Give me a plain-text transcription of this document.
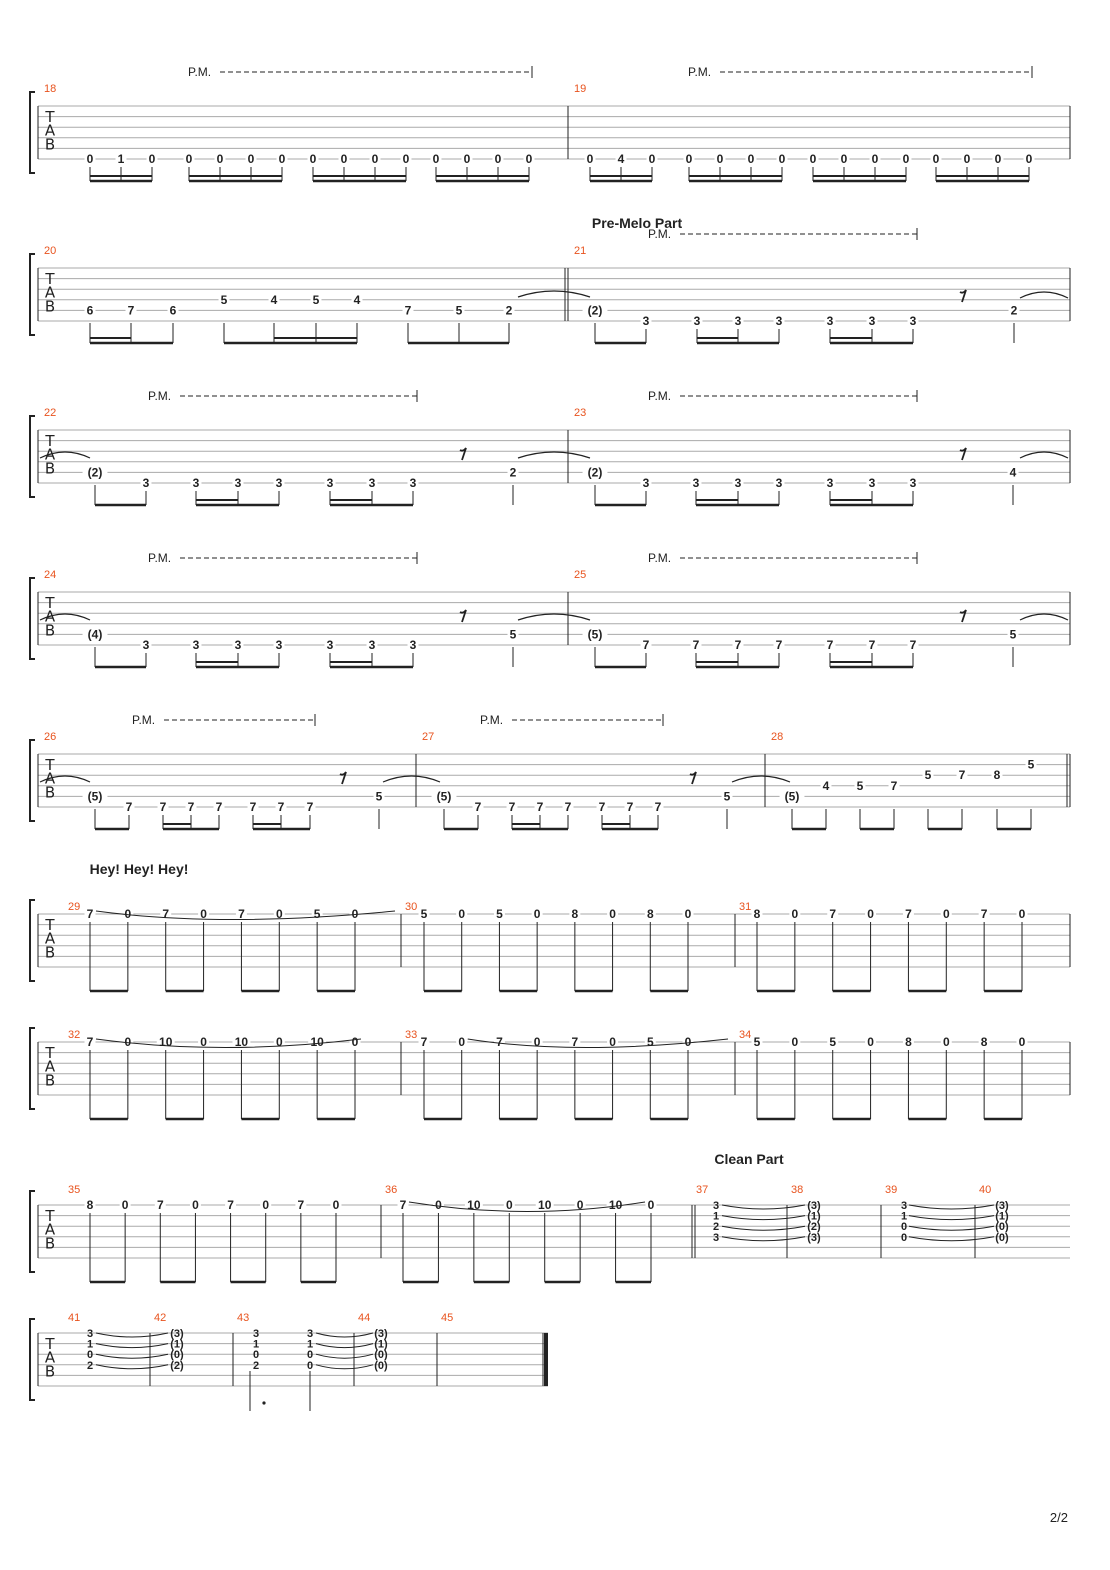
T
A
B
18
P.M.
0 1 0	0 0 0 0 0 0 0 0 0 0 0 0
19
P.M.
0 4 0	0 0 0 0 0 0 0 0 0 0 0 0
T
A
B
20
6	7	6
5	4	5	4
7	5	2
21
P.M.
(2)
3	3	3	3	3	3	3
2
Pre-Melo Part
T
A
B
22
P.M.
(2)
3	3	3	3	3	3	3
2
23
P.M.
(2)
3	3	3	3	3	3	3
4
T
A
B
24
P.M.
(4)
3	3	3	3	3	3	3
5
25
P.M.
(5)
7	7	7	7	7	7	7
5
T
A
B
26
P.M.
(5)
7 7 7 7 7 7 7
5
27
P.M.
(5)
7 7 7 7 7 7 7
5
28
(5)
4 5 7
5 7 8
5
T
A
B
29 7	0	7	0	7	0	5	0	30 5	0	5	0	8	0	8	0	31 8	0	7	0	7	0	7	0
Hey! Hey! Hey!
T
A
B
32 7	0 10 0 10 0 10 0	33 7	0	7	0	7	0	5	0	34 5	0	5	0	8	0	8	0
T
A
B
35
8 0 7 0 7 0 7 0
36
7 0 10 0 10 0 10 0
37
3
1
2
3
38
(3)
(1)
(2)
(3)
39
3
1
0
0
40
(3)
(1)
(0)
(0)
Clean Part
T
A
B
41
3
1
0
2
42
(3)
(1)
(0)
(2)
43
3
1
0
2
3
1
0
0
44
(3)
(1)
(0)
(0)
45
2/2
